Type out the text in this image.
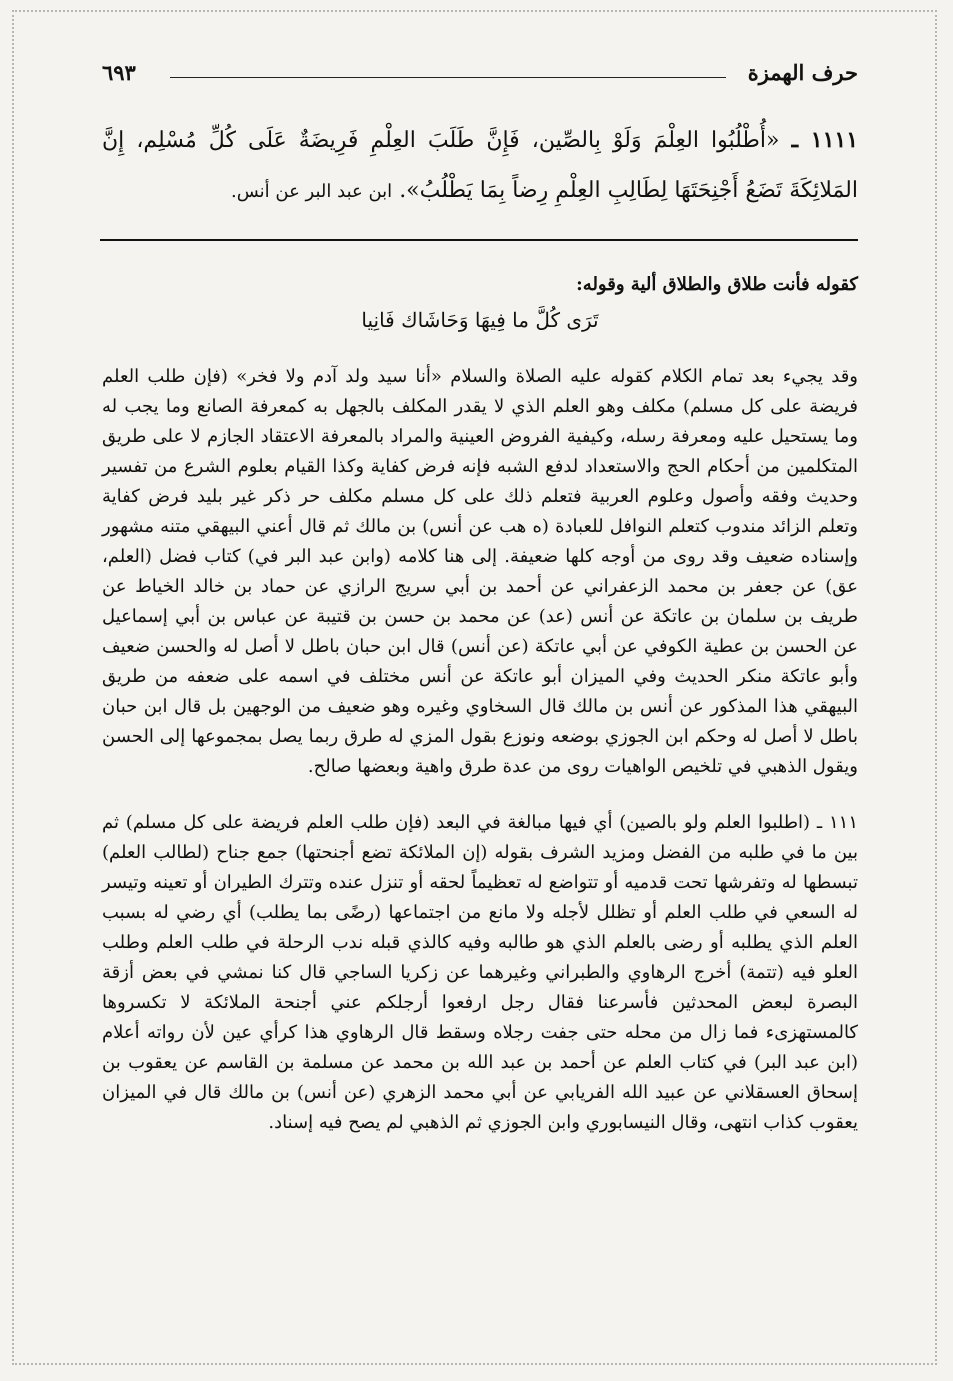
حرف الهمزة
٦٩٣
١١١١ ـ «أُطْلُبُوا العِلْمَ وَلَوْ بِالصِّين، فَإِنَّ طَلَبَ العِلْمِ فَرِيضَةٌ عَلَى كُلِّ مُسْلِم، إِنَّ المَلائِكَةَ تَضَعُ أَجْنِحَتَهَا لِطَالِبِ العِلْمِ رِضاً بِمَا يَطْلُبُ». ابن عبد البر عن أنس.

كقوله فأنت طلاق والطلاق ألية وقوله:

تَرَى كُلَّ ما فِيهَا وَحَاشَاك فَانِيا

وقد يجيء بعد تمام الكلام كقوله عليه الصلاة والسلام «أنا سيد ولد آدم ولا فخر» (فإن طلب العلم فريضة على كل مسلم) مكلف وهو العلم الذي لا يقدر المكلف بالجهل به كمعرفة الصانع وما يجب له وما يستحيل عليه ومعرفة رسله، وكيفية الفروض العينية والمراد بالمعرفة الاعتقاد الجازم لا على طريق المتكلمين من أحكام الحج والاستعداد لدفع الشبه فإنه فرض كفاية وكذا القيام بعلوم الشرع من تفسير وحديث وفقه وأصول وعلوم العربية فتعلم ذلك على كل مسلم مكلف حر ذكر غير بليد فرض كفاية وتعلم الزائد مندوب كتعلم النوافل للعبادة (ه هب عن أنس) بن مالك ثم قال أعني البيهقي متنه مشهور وإسناده ضعيف وقد روى من أوجه كلها ضعيفة. إلى هنا كلامه (وابن عبد البر في) كتاب فضل (العلم، عق) عن جعفر بن محمد الزعفراني عن أحمد بن أبي سريج الرازي عن حماد بن خالد الخياط عن طريف بن سلمان بن عاتكة عن أنس (عد) عن محمد بن حسن بن قتيبة عن عباس بن أبي إسماعيل عن الحسن بن عطية الكوفي عن أبي عاتكة (عن أنس) قال ابن حبان باطل لا أصل له والحسن ضعيف وأبو عاتكة منكر الحديث وفي الميزان أبو عاتكة عن أنس مختلف في اسمه على ضعفه من طريق البيهقي هذا المذكور عن أنس بن مالك قال السخاوي وغيره وهو ضعيف من الوجهين بل قال ابن حبان باطل لا أصل له وحكم ابن الجوزي بوضعه ونوزع بقول المزي له طرق ربما يصل بمجموعها إلى الحسن ويقول الذهبي في تلخيص الواهيات روى من عدة طرق واهية وبعضها صالح.

١١١ ـ (اطلبوا العلم ولو بالصين) أي فيها مبالغة في البعد (فإن طلب العلم فريضة على كل مسلم) ثم بين ما في طلبه من الفضل ومزيد الشرف بقوله (إن الملائكة تضع أجنحتها) جمع جناح (لطالب العلم) تبسطها له وتفرشها تحت قدميه أو تتواضع له تعظيماً لحقه أو تنزل عنده وتترك الطيران أو تعينه وتيسر له السعي في طلب العلم أو تظلل لأجله ولا مانع من اجتماعها (رضًى بما يطلب) أي رضي له بسبب العلم الذي يطلبه أو رضى بالعلم الذي هو طالبه وفيه كالذي قبله ندب الرحلة في طلب العلم وطلب العلو فيه (تتمة) أخرج الرهاوي والطبراني وغيرهما عن زكريا الساجي قال كنا نمشي في بعض أزقة البصرة لبعض المحدثين فأسرعنا فقال رجل ارفعوا أرجلكم عني أجنحة الملائكة لا تكسروها كالمستهزىء فما زال من محله حتى جفت رجلاه وسقط قال الرهاوي هذا كرأي عين لأن رواته أعلام (ابن عبد البر) في كتاب العلم عن أحمد بن عبد الله بن محمد عن مسلمة بن القاسم عن يعقوب بن إسحاق العسقلاني عن عبيد الله الفريابي عن أبي محمد الزهري (عن أنس) بن مالك قال في الميزان يعقوب كذاب انتهى، وقال النيسابوري وابن الجوزي ثم الذهبي لم يصح فيه إسناد.
